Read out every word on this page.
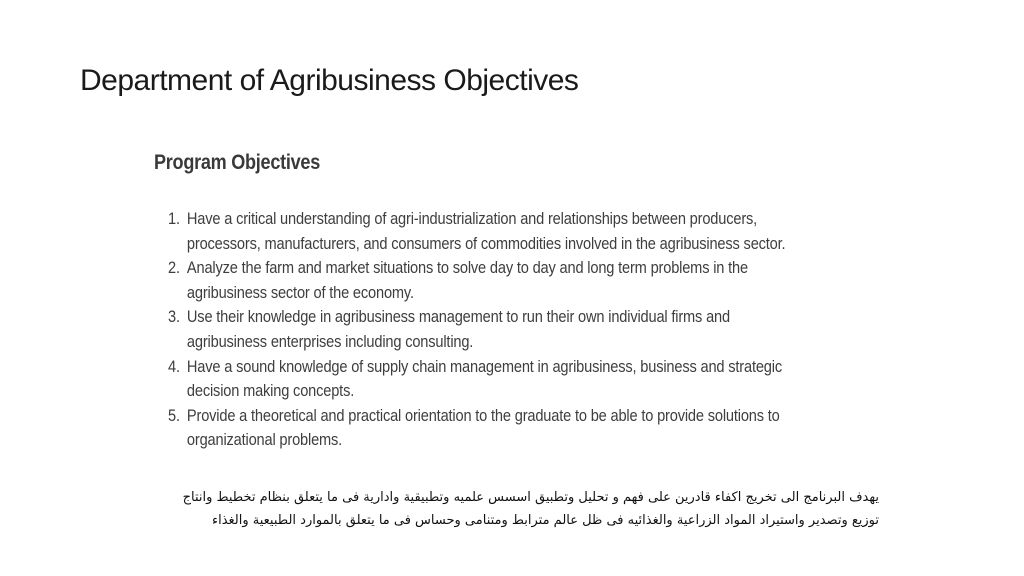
Department of Agribusiness Objectives
Program Objectives
1. Have a critical understanding of agri-industrialization and relationships between producers, processors, manufacturers, and consumers of commodities involved in the agribusiness sector.
2. Analyze the farm and market situations to solve day to day and long term problems in the agribusiness sector of the economy.
3. Use their knowledge in agribusiness management to run their own individual firms and agribusiness enterprises including consulting.
4. Have a sound knowledge of supply chain management in agribusiness, business and strategic decision making concepts.
5. Provide a theoretical and practical orientation to the graduate to be able to provide solutions to organizational problems.
يهدف البرنامج الى تخريج اكفاء قادرين على فهم و تحليل وتطبيق اسسس علميه وتطبيقية وادارية فى ما يتعلق بنظام تخطيط وانتاج
توزيع وتصدير واستيراد المواد الزراعية والغذائيه فى ظل عالم مترابط ومتنامى وحساس فى ما يتعلق بالموارد الطبيعية والغذاء
